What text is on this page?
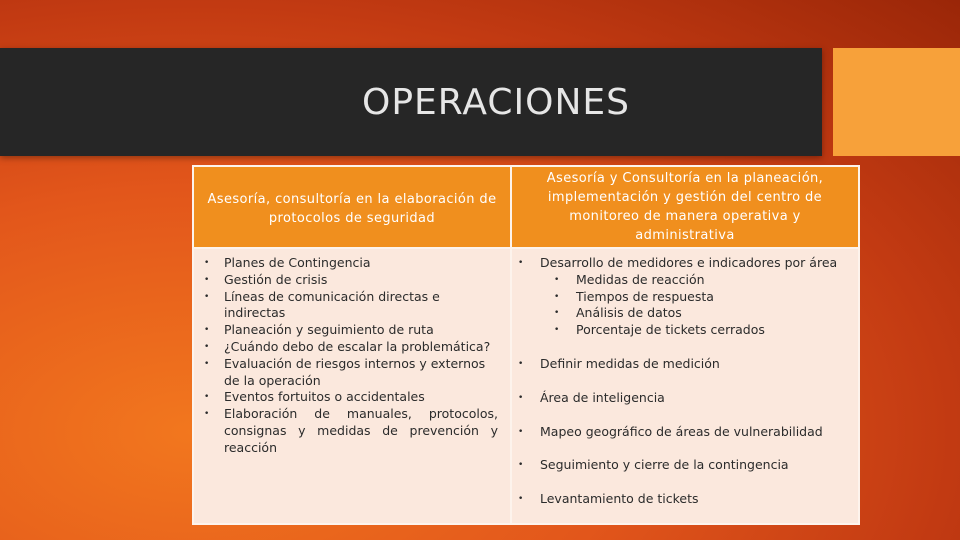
OPERACIONES
Asesoría, consultoría en la elaboración de protocolos de seguridad
• Planes de Contingencia
• Gestión de crisis
• Líneas de comunicación directas e indirectas
• Planeación y seguimiento de ruta
• ¿Cuándo debo de escalar la problemática?
• Evaluación de riesgos internos y externos de la operación
• Eventos fortuitos o accidentales
• Elaboración de manuales, protocolos, consignas y medidas de prevención y reacción
Asesoría y Consultoría en la planeación, implementación y gestión del centro de monitoreo de manera operativa y administrativa
• Desarrollo de medidores e indicadores por área
• Medidas de reacción
• Tiempos de respuesta
• Análisis de datos
• Porcentaje de tickets cerrados
• Definir medidas de medición
• Área de inteligencia
• Mapeo geográfico de áreas de vulnerabilidad
• Seguimiento y cierre de la contingencia
• Levantamiento de tickets
